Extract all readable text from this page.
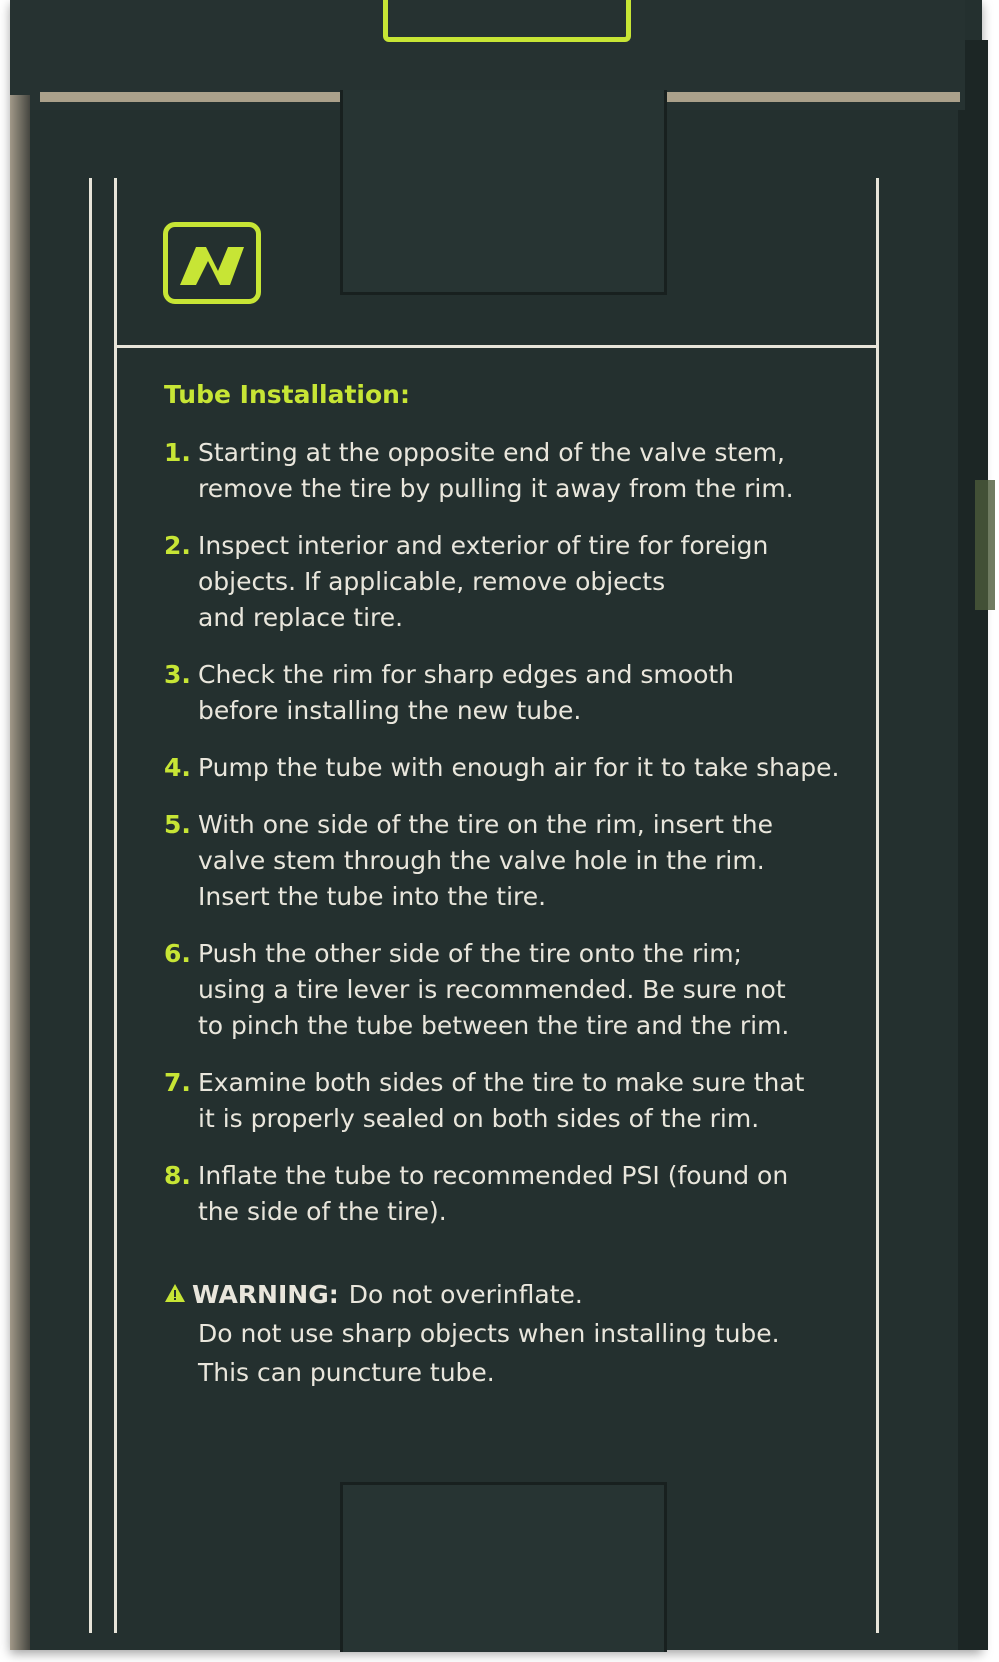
Tube Installation:
1. Starting at the opposite end of the valve stem,
remove the tire by pulling it away from the rim.
2. Inspect interior and exterior of tire for foreign
objects. If applicable, remove objects
and replace tire.
3. Check the rim for sharp edges and smooth
before installing the new tube.
4. Pump the tube with enough air for it to take shape.
5. With one side of the tire on the rim, insert the
valve stem through the valve hole in the rim.
Insert the tube into the tire.
6. Push the other side of the tire onto the rim;
using a tire lever is recommended. Be sure not
to pinch the tube between the tire and the rim.
7. Examine both sides of the tire to make sure that
it is properly sealed on both sides of the rim.
8. Inflate the tube to recommended PSI (found on
the side of the tire).
WARNING: Do not overinflate.
Do not use sharp objects when installing tube.
This can puncture tube.
